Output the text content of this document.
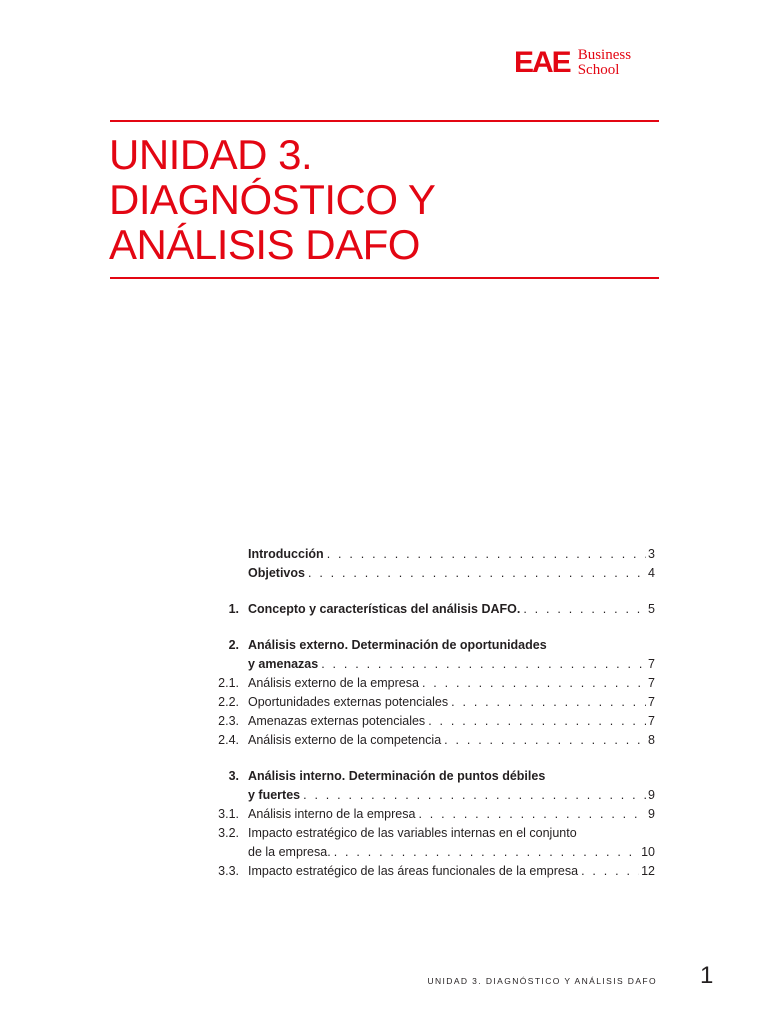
EAE Business
School
UNIDAD 3.
DIAGNÓSTICO Y
ANÁLISIS DAFO
Introducción . . .	3
Objetivos . . .	4
1. Concepto y características del análisis DAFO. . . .	5
2. Análisis externo. Determinación de oportunidades
y amenazas . . .	7
2.1. Análisis externo de la empresa . . .	7
2.2. Oportunidades externas potenciales . . .	7
2.3. Amenazas externas potenciales . . .	7
2.4. Análisis externo de la competencia . . .	8
3. Análisis interno. Determinación de puntos débiles
y fuertes . . .	9
3.1. Análisis interno de la empresa . . .	9
3.2. Impacto estratégico de las variables internas en el conjunto
de la empresa. . . .	10
3.3. Impacto estratégico de las áreas funcionales de la empresa . . .	12
UNIDAD 3. DIAGNÓSTICO Y ANÁLISIS DAFO 1
